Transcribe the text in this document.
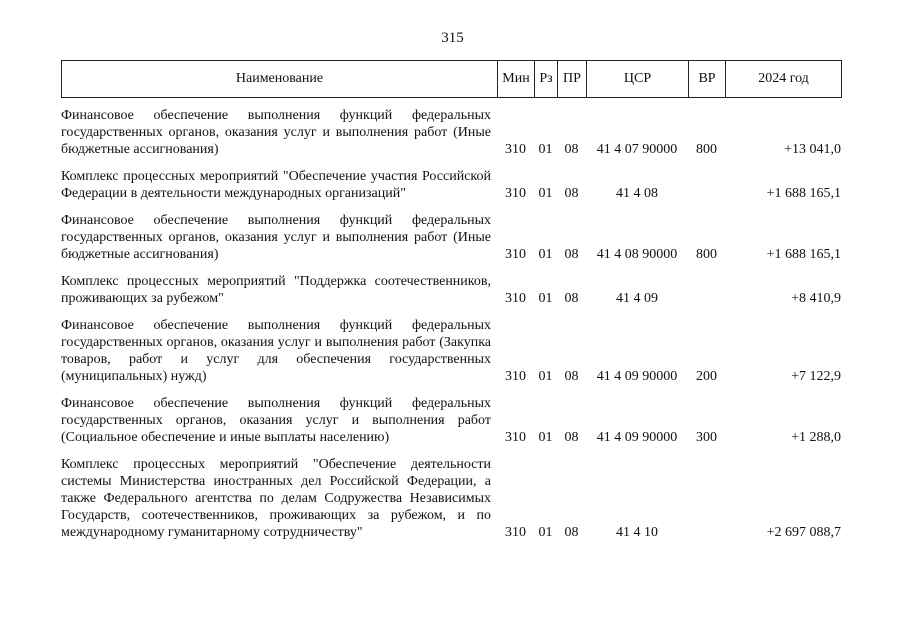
315
Наименование	Мин	Рз	ПР	ЦСР	ВР	2024 год
Финансовое обеспечение выполнения функций федеральных государственных органов, оказания услуг и выполнения работ (Иные бюджетные ассигнования)	310	01	08	41 4 07 90000	800	+13 041,0
Комплекс процессных мероприятий "Обеспечение участия Российской Федерации в деятельности международных организаций"	310	01	08	41 4 08		+1 688 165,1
Финансовое обеспечение выполнения функций федеральных государственных органов, оказания услуг и выполнения работ (Иные бюджетные ассигнования)	310	01	08	41 4 08 90000	800	+1 688 165,1
Комплекс процессных мероприятий "Поддержка соотечественников, проживающих за рубежом"	310	01	08	41 4 09		+8 410,9
Финансовое обеспечение выполнения функций федеральных государственных органов, оказания услуг и выполнения работ (Закупка товаров, работ и услуг для обеспечения государственных (муниципальных) нужд)	310	01	08	41 4 09 90000	200	+7 122,9
Финансовое обеспечение выполнения функций федеральных государственных органов, оказания услуг и выполнения работ (Социальное обеспечение и иные выплаты населению)	310	01	08	41 4 09 90000	300	+1 288,0
Комплекс процессных мероприятий "Обеспечение деятельности системы Министерства иностранных дел Российской Федерации, а также Федерального агентства по делам Содружества Независимых Государств, соотечественников, проживающих за рубежом, и по международному гуманитарному сотрудничеству"	310	01	08	41 4 10		+2 697 088,7
